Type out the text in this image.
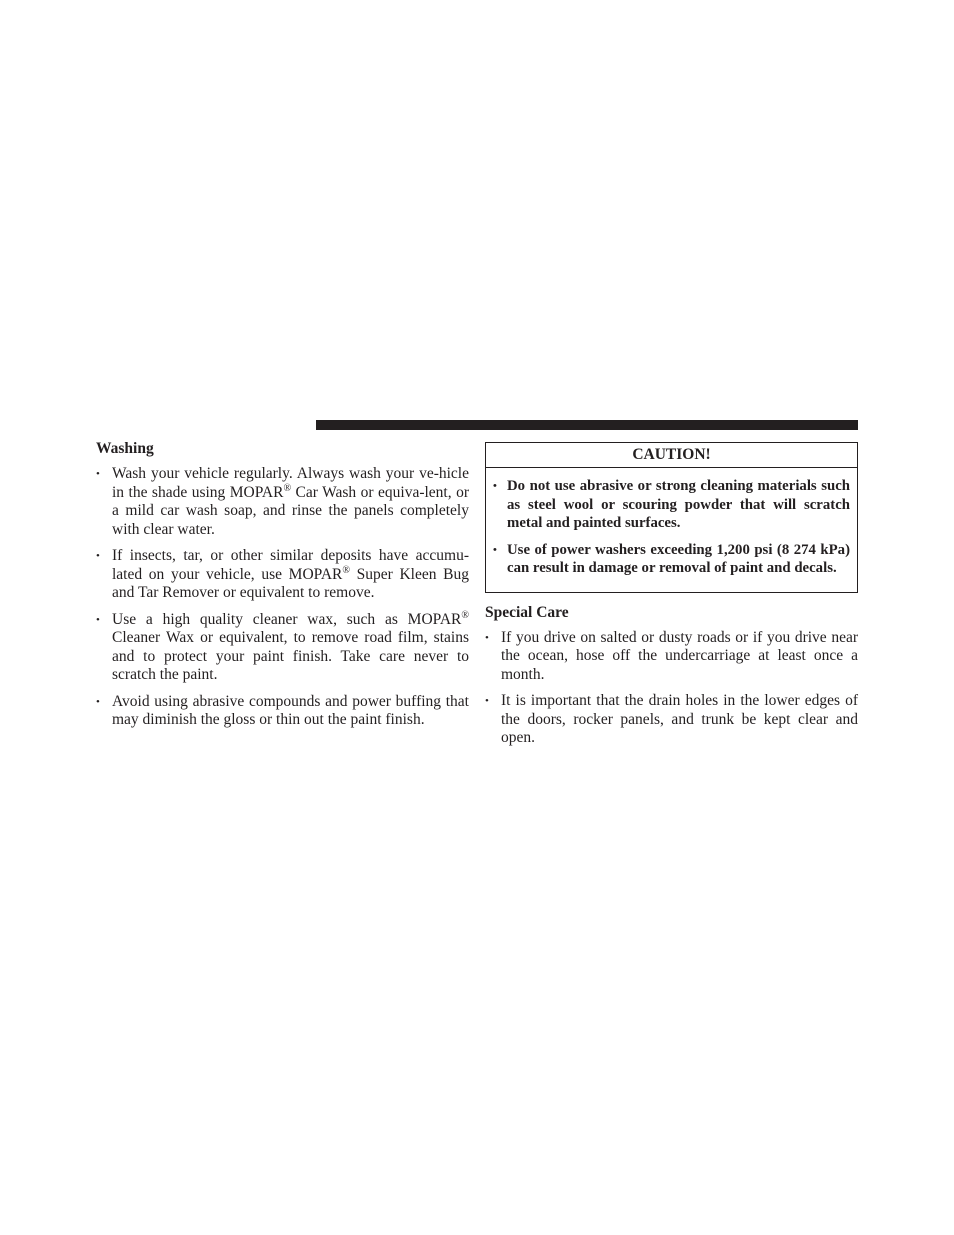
Washing
• Wash your vehicle regularly. Always wash your ve-hicle in the shade using MOPAR® Car Wash or equiva-lent, or a mild car wash soap, and rinse the panels completely with clear water.
• If insects, tar, or other similar deposits have accumu-lated on your vehicle, use MOPAR® Super Kleen Bug and Tar Remover or equivalent to remove.
• Use a high quality cleaner wax, such as MOPAR® Cleaner Wax or equivalent, to remove road film, stains and to protect your paint finish. Take care never to scratch the paint.
• Avoid using abrasive compounds and power buffing that may diminish the gloss or thin out the paint finish.
CAUTION!
• Do not use abrasive or strong cleaning materials such as steel wool or scouring powder that will scratch metal and painted surfaces.
• Use of power washers exceeding 1,200 psi (8 274 kPa) can result in damage or removal of paint and decals.
Special Care
• If you drive on salted or dusty roads or if you drive near the ocean, hose off the undercarriage at least once a month.
• It is important that the drain holes in the lower edges of the doors, rocker panels, and trunk be kept clear and open.
